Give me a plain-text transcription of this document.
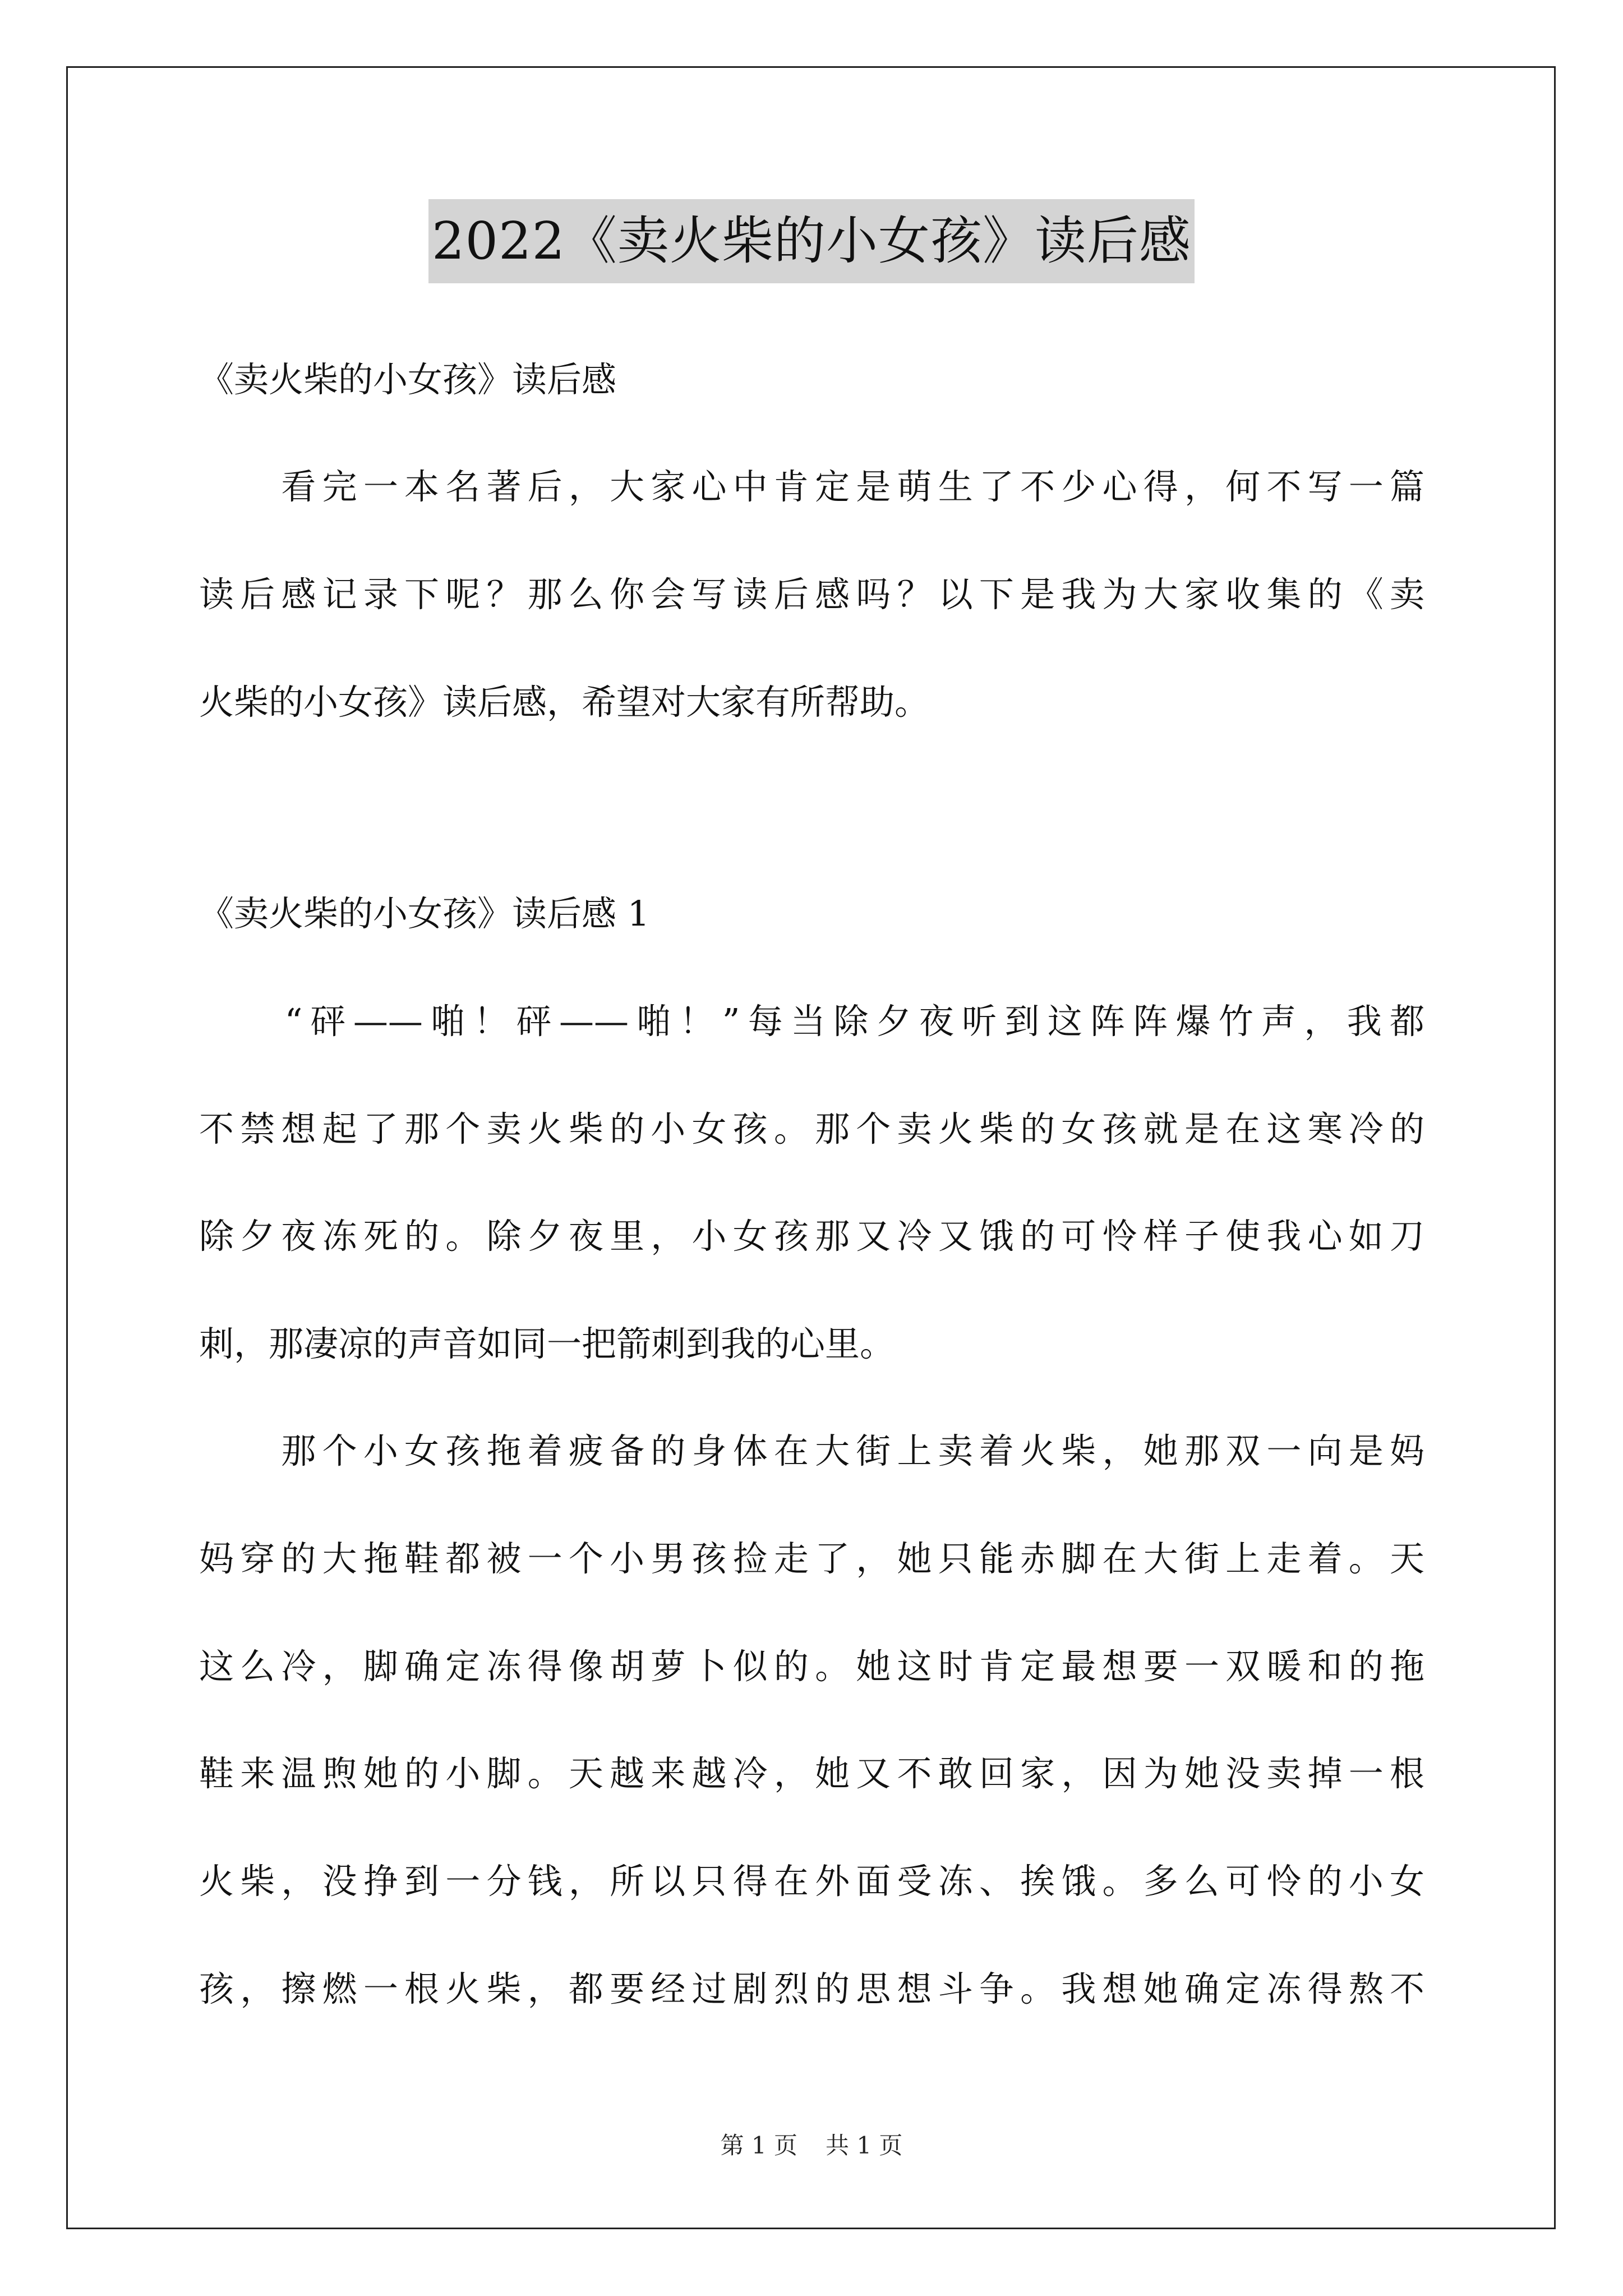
2022《卖火柴的小女孩》读后感
《卖火柴的小女孩》读后感
　　看完一本名著后，大家心中肯定是萌生了不少心得，何不写一篇
读后感记录下呢？那么你会写读后感吗？以下是我为大家收集的《卖
火柴的小女孩》读后感，希望对大家有所帮助。
《卖火柴的小女孩》读后感 1
　　“砰——啪！砰——啪！”每当除夕夜听到这阵阵爆竹声，我都
不禁想起了那个卖火柴的小女孩。那个卖火柴的女孩就是在这寒冷的
除夕夜冻死的。除夕夜里，小女孩那又冷又饿的可怜样子使我心如刀
刺，那凄凉的声音如同一把箭刺到我的心里。
　　那个小女孩拖着疲备的身体在大街上卖着火柴，她那双一向是妈
妈穿的大拖鞋都被一个小男孩捡走了，她只能赤脚在大街上走着。天
这么冷，脚确定冻得像胡萝卜似的。她这时肯定最想要一双暖和的拖
鞋来温煦她的小脚。天越来越冷，她又不敢回家，因为她没卖掉一根
火柴，没挣到一分钱，所以只得在外面受冻、挨饿。多么可怜的小女
孩，擦燃一根火柴，都要经过剧烈的思想斗争。我想她确定冻得熬不
第 1 页 共 1 页
